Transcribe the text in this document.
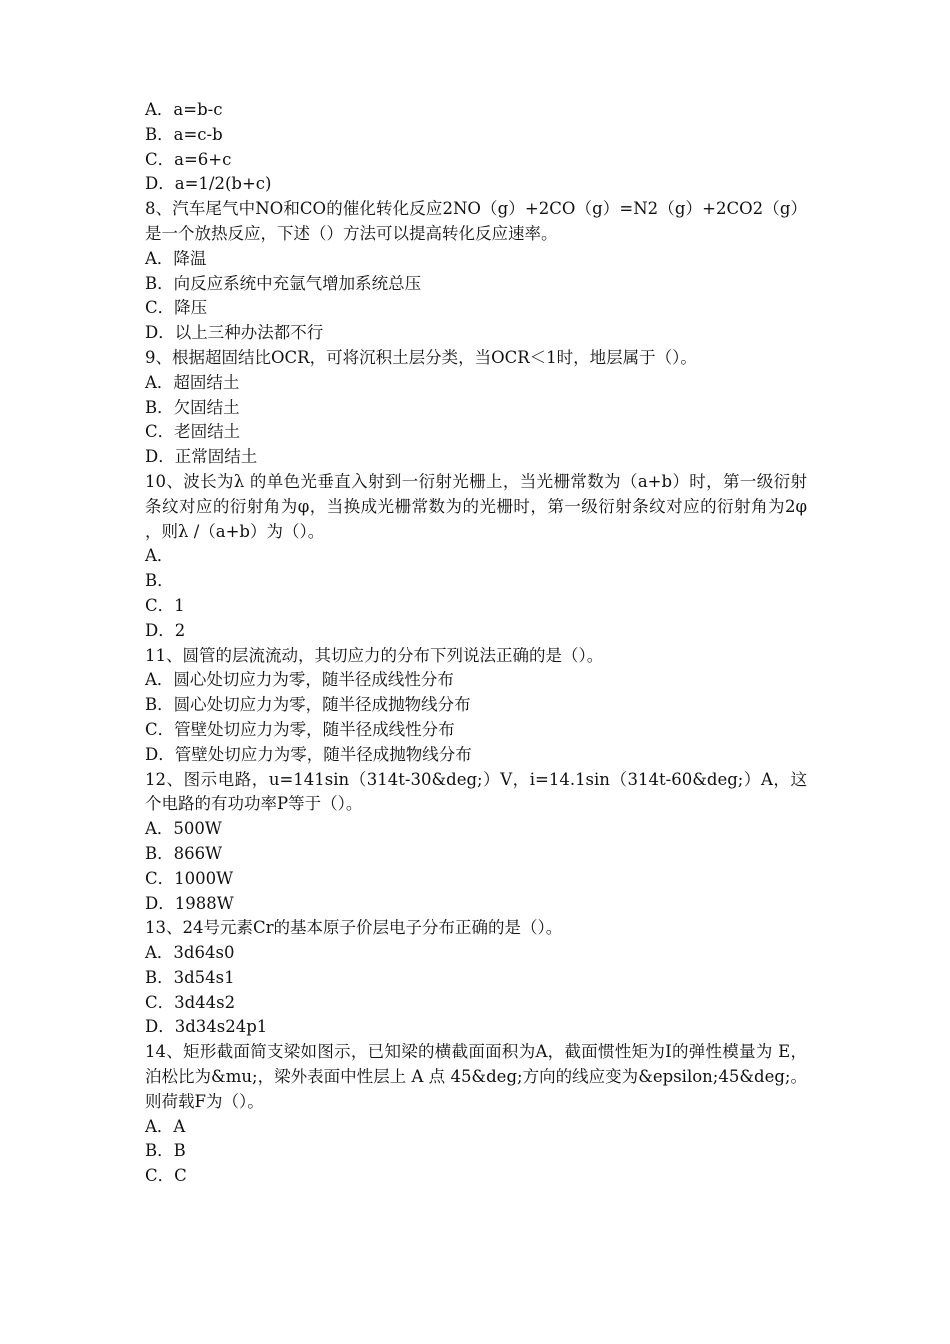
A．a=b-c
B．a=c-b
C．a=6+c
D．a=1/2(b+c)
8、汽车尾气中NO和CO的催化转化反应2NO（g）+2CO（g）=N2（g）+2CO2（g）是一个放热反应，下述（）方法可以提高转化反应速率。
A．降温
B．向反应系统中充氩气增加系统总压
C．降压
D．以上三种办法都不行
9、根据超固结比OCR，可将沉积土层分类，当OCR＜1时，地层属于（）。
A．超固结土
B．欠固结土
C．老固结土
D．正常固结土
10、波长为λ 的单色光垂直入射到一衍射光栅上，当光栅常数为（a+b）时，第一级衍射条纹对应的衍射角为φ，当换成光栅常数为的光栅时，第一级衍射条纹对应的衍射角为2φ ，则λ /（a+b）为（）。
A．
B．
C．1
D．2
11、圆管的层流流动，其切应力的分布下列说法正确的是（）。
A．圆心处切应力为零，随半径成线性分布
B．圆心处切应力为零，随半径成抛物线分布
C．管壁处切应力为零，随半径成线性分布
D．管壁处切应力为零，随半径成抛物线分布
12、图示电路，u=141sin（314t-30&deg;）V，i=14.1sin（314t-60&deg;）A，这个电路的有功功率P等于（）。
A．500W
B．866W
C．1000W
D．1988W
13、24号元素Cr的基本原子价层电子分布正确的是（）。
A．3d64s0
B．3d54s1
C．3d44s2
D．3d34s24p1
14、矩形截面简支梁如图示，已知梁的横截面面积为A，截面惯性矩为I的弹性模量为 E，泊松比为&mu;，梁外表面中性层上 A 点 45&deg;方向的线应变为&epsilon;45&deg;。则荷载F为（）。
A．A
B．B
C．C
